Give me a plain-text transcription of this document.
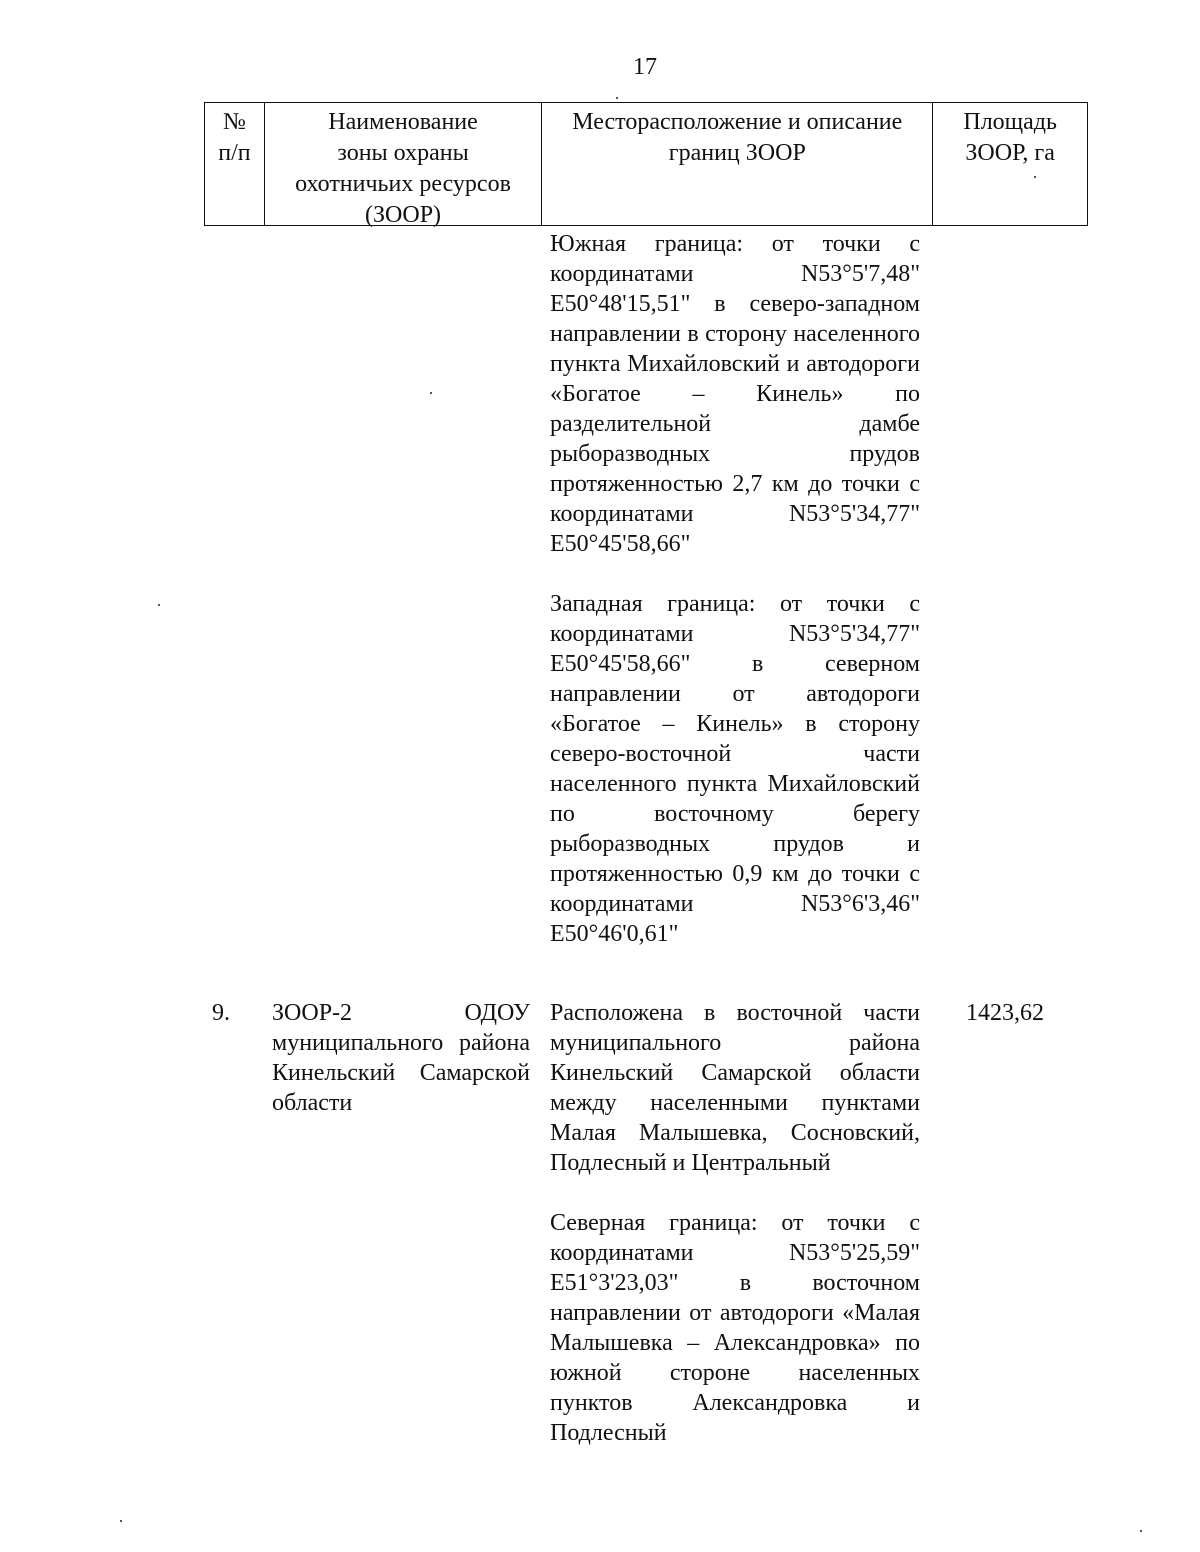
17
№
п/п
Наименование
зоны охраны
охотничьих ресурсов
(ЗООР)
Месторасположение и описание
границ ЗООР
Площадь
ЗООР, га

Южная граница: от точки с координатами N53°5'7,48" E50°48'15,51" в северо-западном направлении в сторону населенного пункта Михайловский и автодороги «Богатое – Кинель» по разделительной дамбе рыборазводных прудов протяженностью 2,7 км до точки с координатами N53°5'34,77" E50°45'58,66"

Западная граница: от точки с координатами N53°5'34,77" E50°45'58,66" в северном направлении от автодороги «Богатое – Кинель» в сторону северо-восточной части населенного пункта Михайловский по восточному берегу рыборазводных прудов и протяженностью 0,9 км до точки с координатами N53°6'3,46" E50°46'0,61"

9. ЗООР-2 ОДОУ муниципального района Кинельский Самарской области

Расположена в восточной части муниципального района Кинельский Самарской области между населенными пунктами Малая Малышевка, Сосновский, Подлесный и Центральный

Северная граница: от точки с координатами N53°5'25,59" E51°3'23,03" в восточном направлении от автодороги «Малая Малышевка – Александровка» по южной стороне населенных пунктов Александровка и Подлесный

1423,62
